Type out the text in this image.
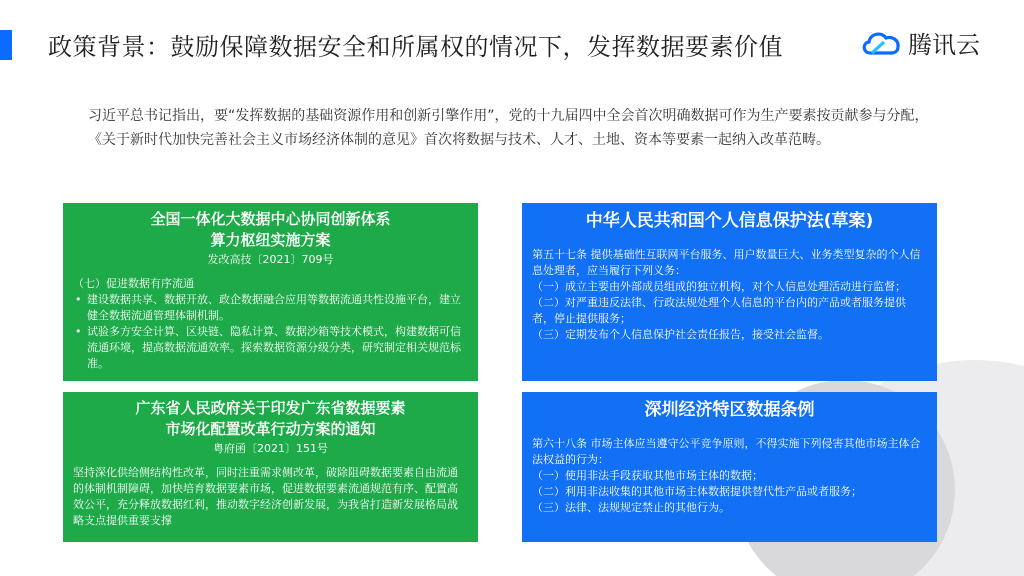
政策背景：鼓励保障数据安全和所属权的情况下，发挥数据要素价值	腾讯云
习近平总书记指出，要“发挥数据的基础资源作用和创新引擎作用”，党的十九届四中全会首次明确数据可作为生产要素按贡献参与分配，《关于新时代加快完善社会主义市场经济体制的意见》首次将数据与技术、人才、土地、资本等要素一起纳入改革范畴。
全国一体化大数据中心协同创新体系
算力枢纽实施方案
发改高技〔2021〕709号

（七）促进数据有序流通

• 建设数据共享、数据开放、政企数据融合应用等数据流通共性设施平台，建立健全数据流通管理体制机制。
• 试验多方安全计算、区块链、隐私计算、数据沙箱等技术模式，构建数据可信流通环境，提高数据流通效率。探索数据资源分级分类，研究制定相关规范标准。
中华人民共和国个人信息保护法(草案)

第五十七条 提供基础性互联网平台服务、用户数量巨大、业务类型复杂的个人信息处理者，应当履行下列义务：

（一）成立主要由外部成员组成的独立机构，对个人信息处理活动进行监督；

（二）对严重违反法律、行政法规处理个人信息的平台内的产品或者服务提供者，停止提供服务；

（三）定期发布个人信息保护社会责任报告，接受社会监督。

广东省人民政府关于印发广东省数据要素
市场化配置改革行动方案的通知
粤府函〔2021〕151号
坚持深化供给侧结构性改革，同时注重需求侧改革，破除阻碍数据要素自由流通的体制机制障碍，加快培育数据要素市场，促进数据要素流通规范有序、配置高效公平，充分释放数据红利，推动数字经济创新发展，为我省打造新发展格局战略支点提供重要支撑
深圳经济特区数据条例

第六十八条 市场主体应当遵守公平竞争原则，不得实施下列侵害其他市场主体合法权益的行为：

（一）使用非法手段获取其他市场主体的数据；

（二）利用非法收集的其他市场主体数据提供替代性产品或者服务；

（三）法律、法规规定禁止的其他行为。
